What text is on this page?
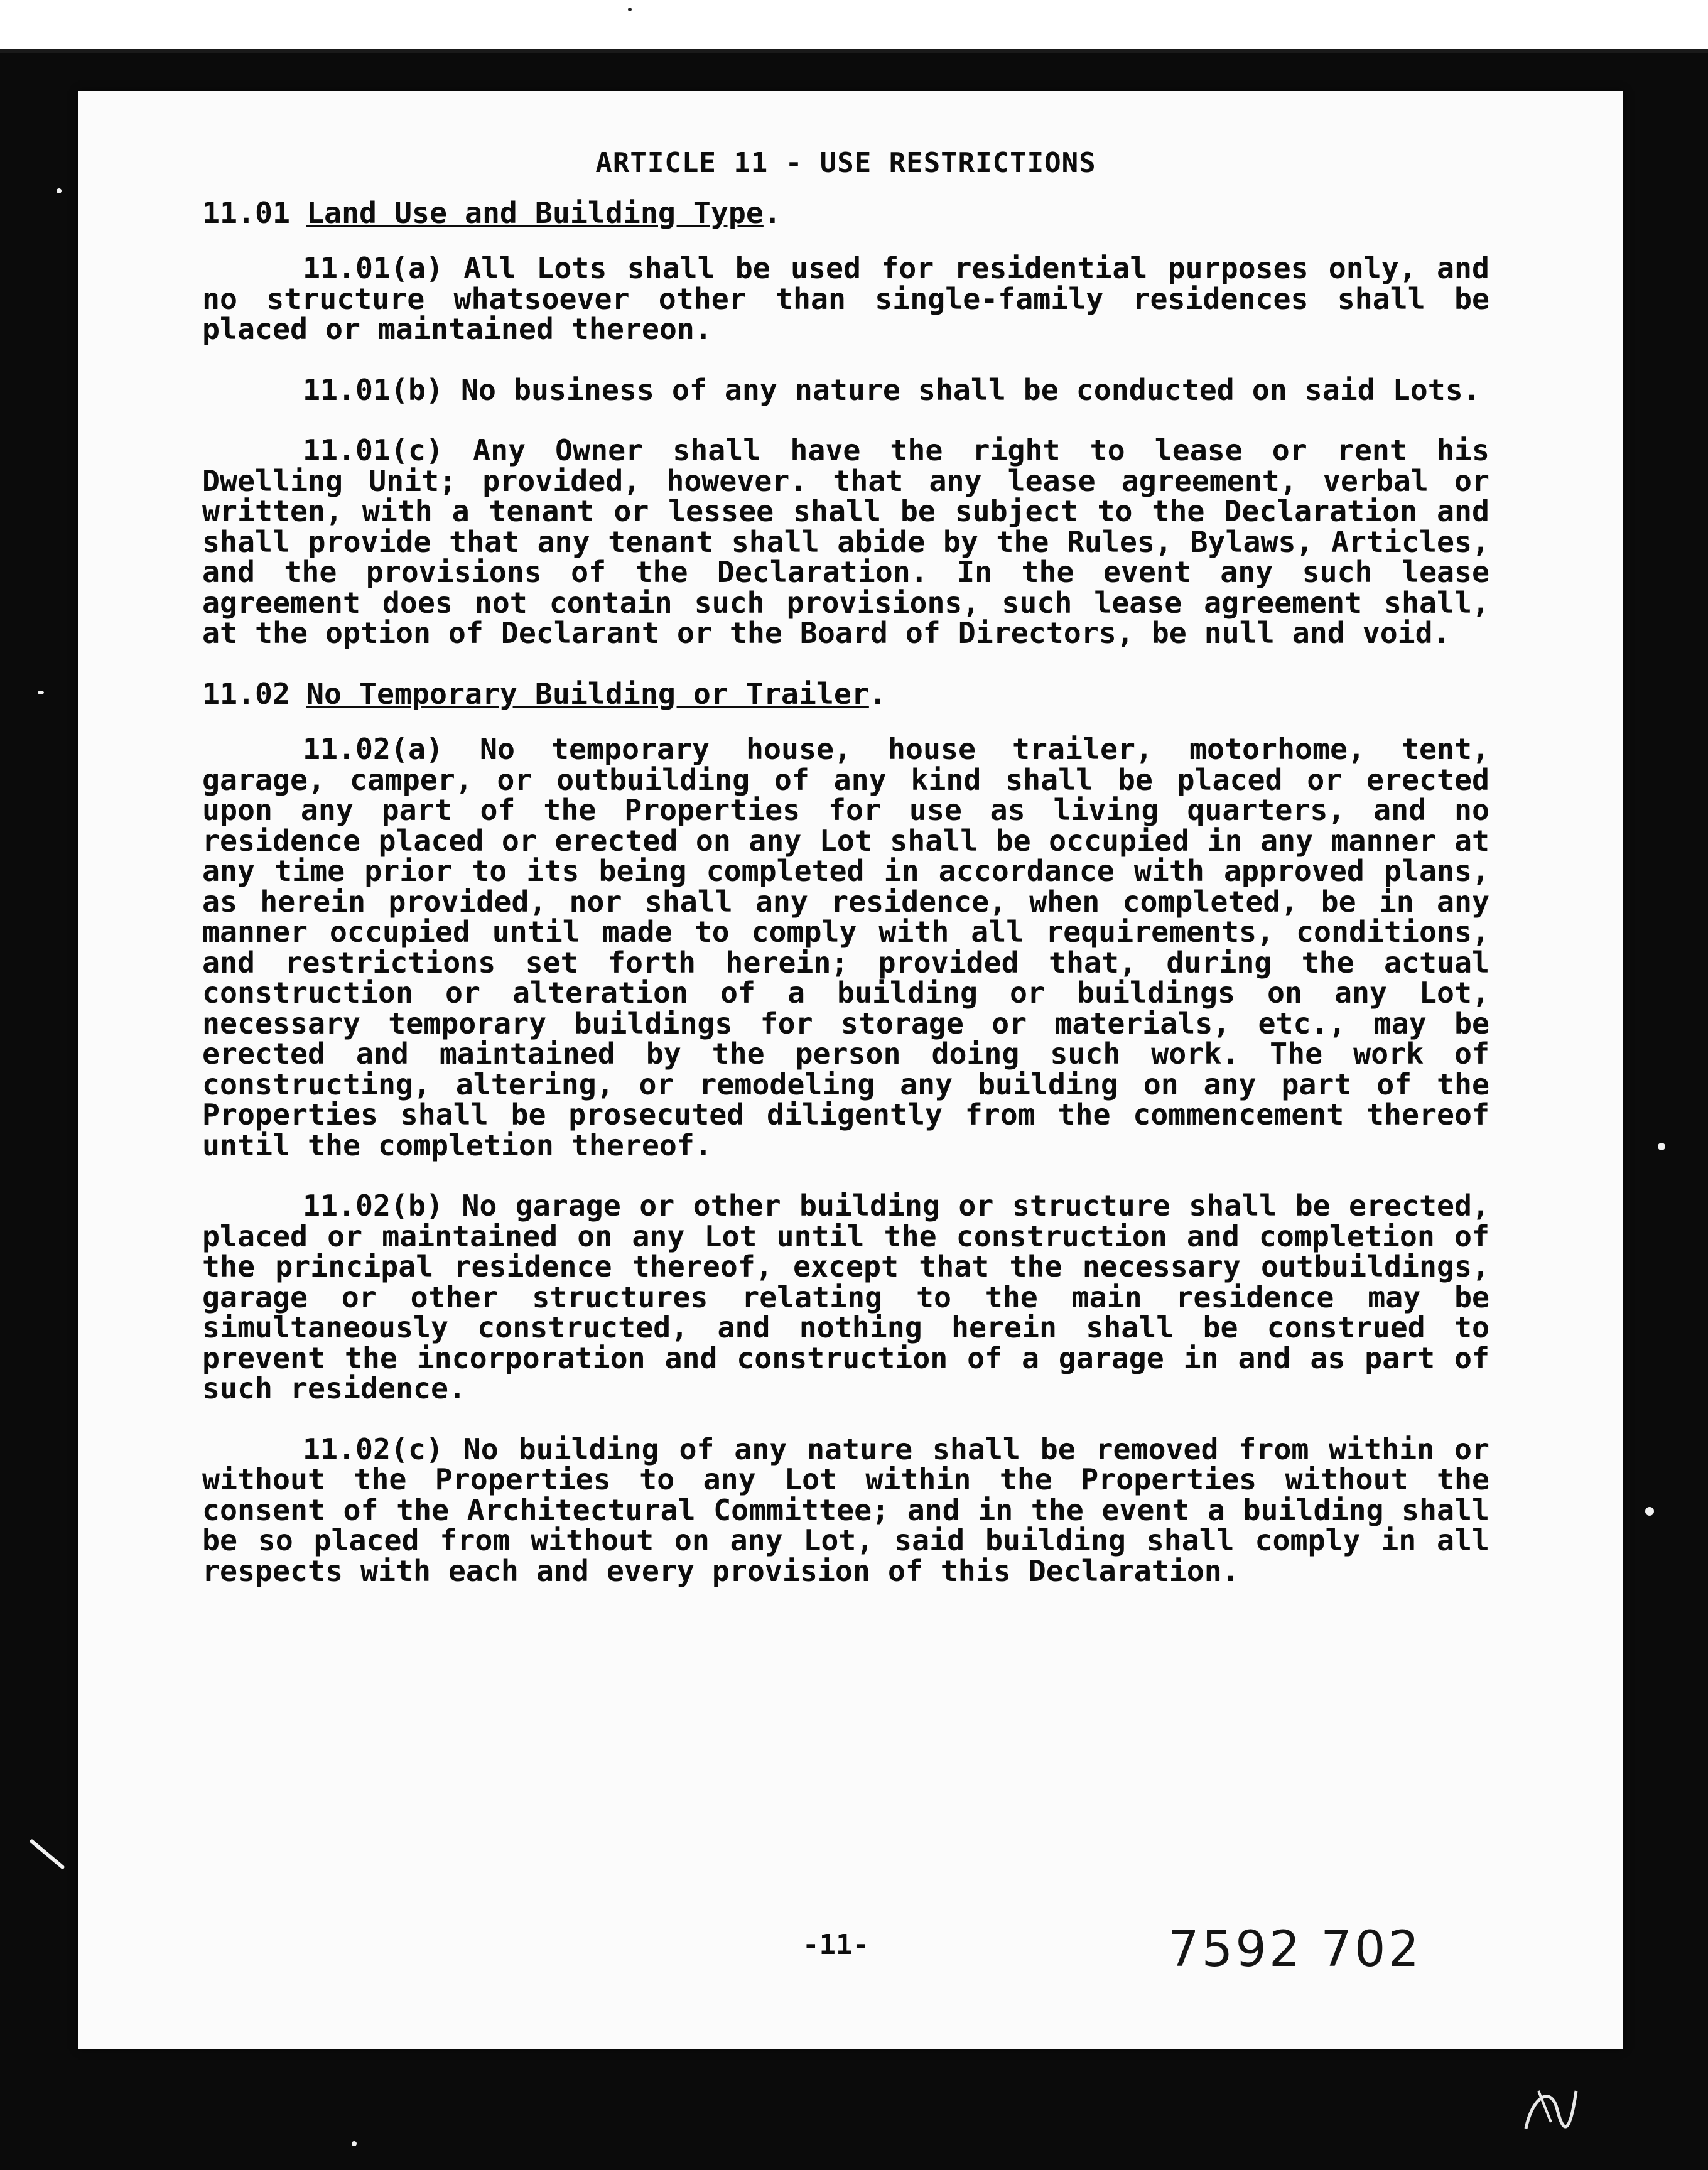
ARTICLE 11 - USE RESTRICTIONS
11.01 Land Use and Building Type.

11.01(a) All Lots shall be used for residential purposes only, and no structure whatsoever other than single-family residences shall be placed or maintained thereon.

11.01(b) No business of any nature shall be conducted on said Lots.

11.01(c) Any Owner shall have the right to lease or rent his Dwelling Unit; provided, however. that any lease agreement, verbal or written, with a tenant or lessee shall be subject to the Declaration and shall provide that any tenant shall abide by the Rules, Bylaws, Articles, and the provisions of the Declaration. In the event any such lease agreement does not contain such provisions, such lease agreement shall, at the option of Declarant or the Board of Directors, be null and void.

11.02 No Temporary Building or Trailer.

11.02(a) No temporary house, house trailer, motorhome, tent, garage, camper, or outbuilding of any kind shall be placed or erected upon any part of the Properties for use as living quarters, and no residence placed or erected on any Lot shall be occupied in any manner at any time prior to its being completed in accordance with approved plans, as herein provided, nor shall any residence, when completed, be in any manner occupied until made to comply with all requirements, conditions, and restrictions set forth herein; provided that, during the actual construction or alteration of a building or buildings on any Lot, necessary temporary buildings for storage or materials, etc., may be erected and maintained by the person doing such work. The work of constructing, altering, or remodeling any building on any part of the Properties shall be prosecuted diligently from the commencement thereof until the completion thereof.

11.02(b) No garage or other building or structure shall be erected, placed or maintained on any Lot until the construction and completion of the principal residence thereof, except that the necessary outbuildings, garage or other structures relating to the main residence may be simultaneously constructed, and nothing herein shall be construed to prevent the incorporation and construction of a garage in and as part of such residence.

11.02(c) No building of any nature shall be removed from within or without the Properties to any Lot within the Properties without the consent of the Architectural Committee; and in the event a building shall be so placed from without on any Lot, said building shall comply in all respects with each and every provision of this Declaration.

-11-	7592 702
